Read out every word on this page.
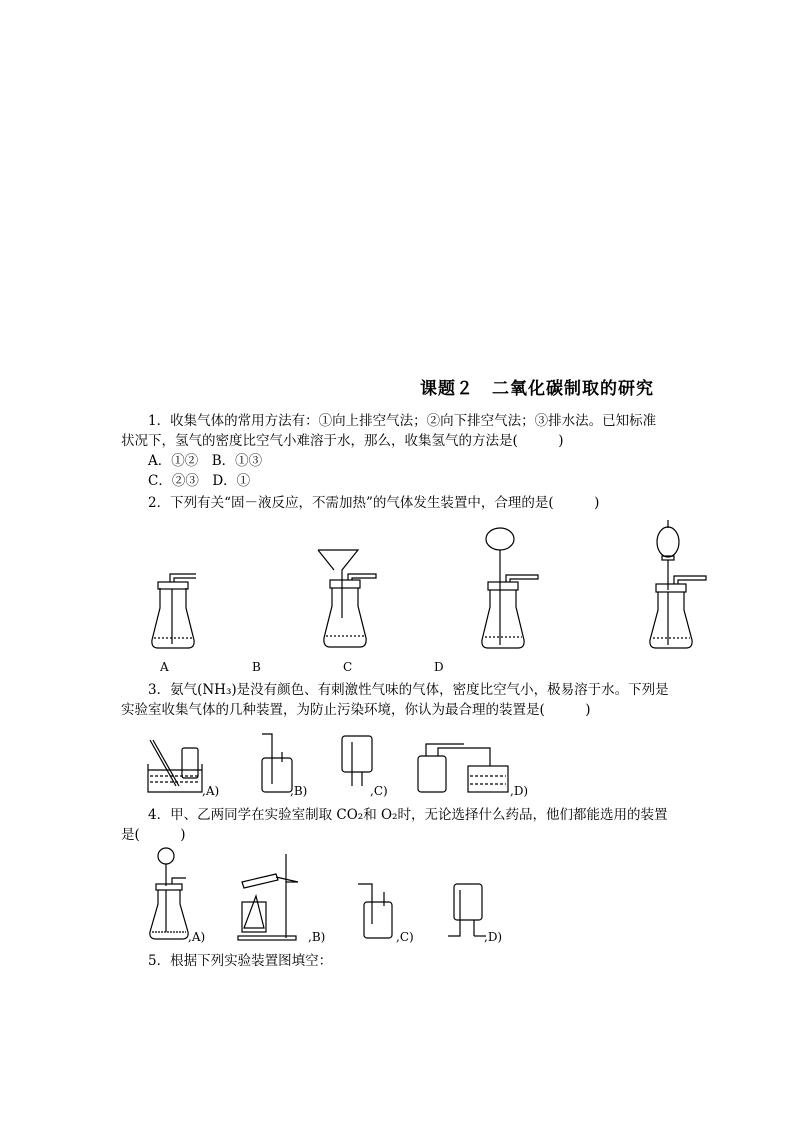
课题２　二氧化碳制取的研究
1．收集气体的常用方法有：①向上排空气法；②向下排空气法；③排水法。已知标准
状况下，氢气的密度比空气小难溶于水，那么，收集氢气的方法是(　　　)
A．①②　B．①③
C．②③　D．①
2．下列有关“固－液反应，不需加热”的气体发生装置中，合理的是(　　　)
A	B	C	D
3．氨气(NH₃)是没有颜色、有刺激性气味的气体，密度比空气小，极易溶于水。下列是
实验室收集气体的几种装置，为防止污染环境，你认为最合理的装置是(　　　)
,A)	,B)	,C)	,D)
4．甲、乙两同学在实验室制取 CO₂和 O₂时，无论选择什么药品，他们都能选用的装置
是(　　　)
,A)	,B)	,C)	,D)
5．根据下列实验装置图填空：
